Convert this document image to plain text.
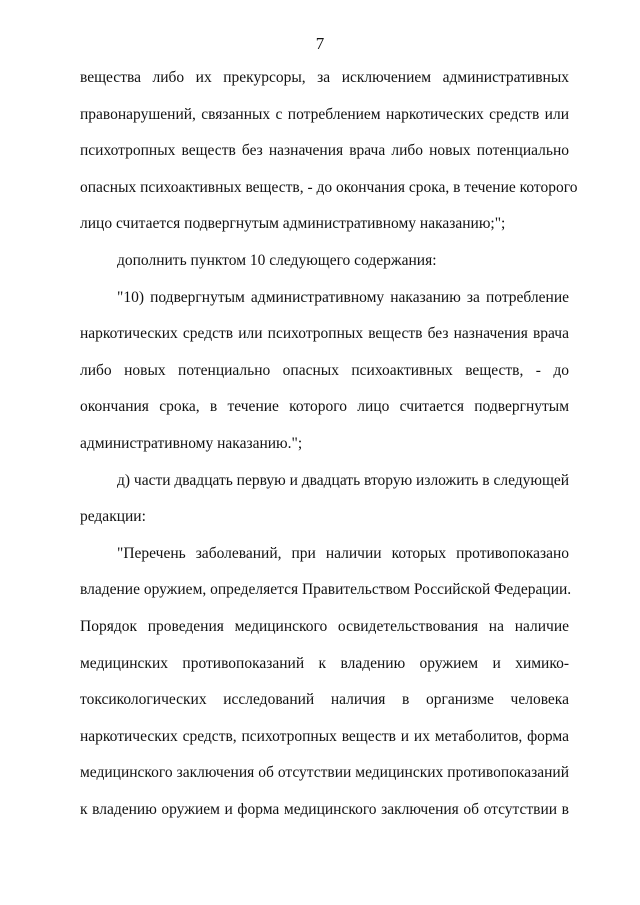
7
вещества либо их прекурсоры, за исключением административных
правонарушений, связанных с потреблением наркотических средств или
психотропных веществ без назначения врача либо новых потенциально
опасных психоактивных веществ, - до окончания срока, в течение которого
лицо считается подвергнутым административному наказанию;";
дополнить пунктом 10 следующего содержания:
"10) подвергнутым административному наказанию за потребление
наркотических средств или психотропных веществ без назначения врача
либо новых потенциально опасных психоактивных веществ, - до
окончания срока, в течение которого лицо считается подвергнутым
административному наказанию.";
д) части двадцать первую и двадцать вторую изложить в следующей
редакции:
"Перечень заболеваний, при наличии которых противопоказано
владение оружием, определяется Правительством Российской Федерации.
Порядок проведения медицинского освидетельствования на наличие
медицинских противопоказаний к владению оружием и химико-
токсикологических исследований наличия в организме человека
наркотических средств, психотропных веществ и их метаболитов, форма
медицинского заключения об отсутствии медицинских противопоказаний
к владению оружием и форма медицинского заключения об отсутствии в
